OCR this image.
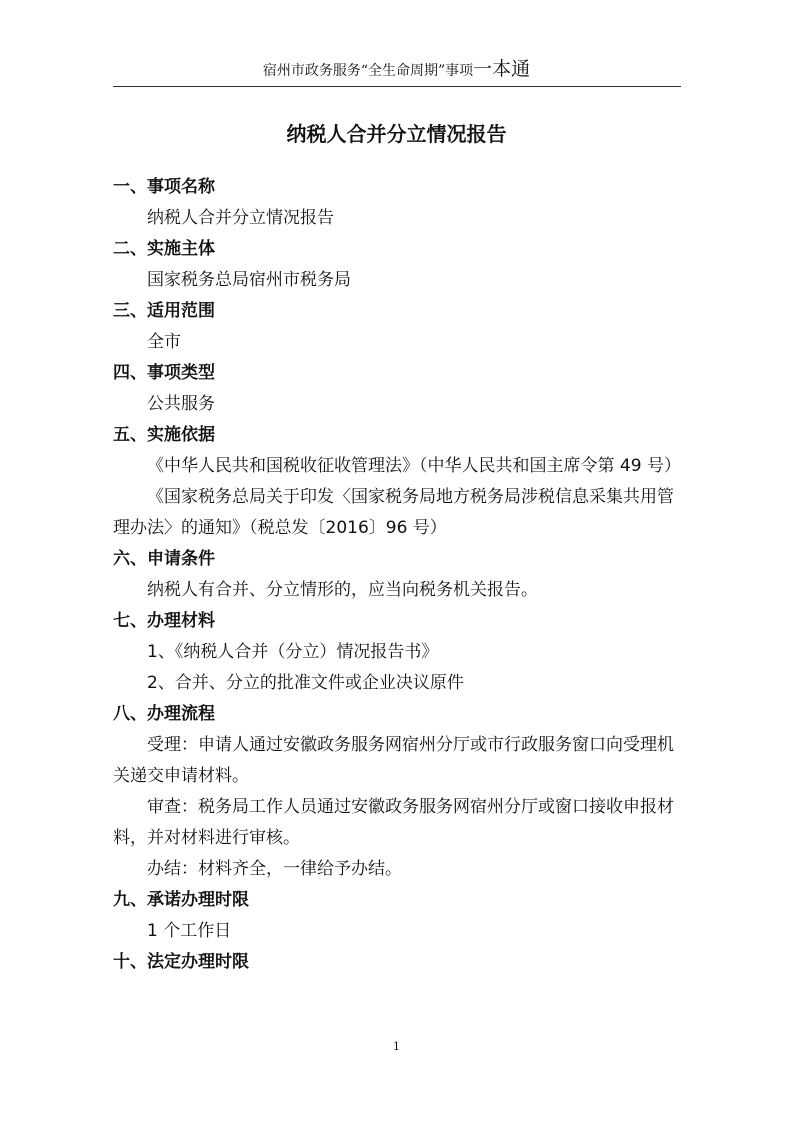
宿州市政务服务“全生命周期”事项一本通
纳税人合并分立情况报告
一、事项名称
纳税人合并分立情况报告
二、实施主体
国家税务总局宿州市税务局
三、适用范围
全市
四、事项类型
公共服务
五、实施依据
《中华人民共和国税收征收管理法》（中华人民共和国主席令第 49 号）
《国家税务总局关于印发〈国家税务局地方税务局涉税信息采集共用管理办法〉的通知》（税总发〔2016〕96 号）
六、申请条件
纳税人有合并、分立情形的，应当向税务机关报告。
七、办理材料
1、《纳税人合并（分立）情况报告书》
2、合并、分立的批准文件或企业决议原件
八、办理流程
受理：申请人通过安徽政务服务网宿州分厅或市行政服务窗口向受理机关递交申请材料。
审查：税务局工作人员通过安徽政务服务网宿州分厅或窗口接收申报材料，并对材料进行审核。
办结：材料齐全，一律给予办结。
九、承诺办理时限
1 个工作日
十、法定办理时限
1
